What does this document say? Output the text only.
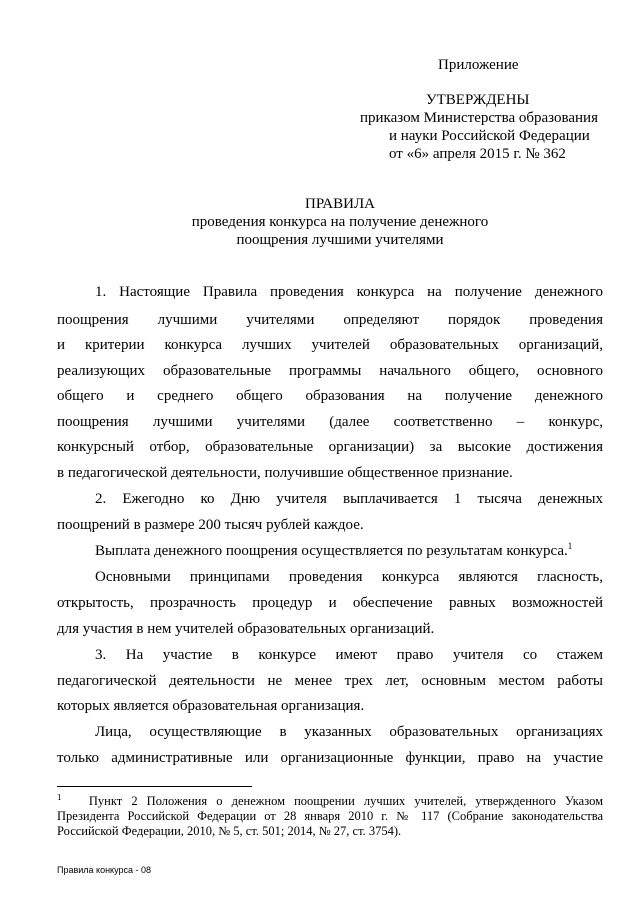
Приложение
УТВЕРЖДЕНЫ
приказом Министерства образования
и науки Российской Федерации
от «6» апреля 2015 г. № 362
ПРАВИЛА
проведения конкурса на получение денежного
поощрения лучшими учителями
1. Настоящие Правила проведения конкурса на получение денежного
поощрения лучшими учителями определяют порядок проведения
и критерии конкурса лучших учителей образовательных организаций,
реализующих образовательные программы начального общего, основного
общего и среднего общего образования на получение денежного
поощрения лучшими учителями (далее соответственно – конкурс,
конкурсный отбор, образовательные организации) за высокие достижения
в педагогической деятельности, получившие общественное признание.
2. Ежегодно ко Дню учителя выплачивается 1 тысяча денежных
поощрений в размере 200 тысяч рублей каждое.
Выплата денежного поощрения осуществляется по результатам конкурса.$^1$
Основными принципами проведения конкурса являются гласность,
открытость, прозрачность процедур и обеспечение равных возможностей
для участия в нем учителей образовательных организаций.
3. На участие в конкурсе имеют право учителя со стажем
педагогической деятельности не менее трех лет, основным местом работы
которых является образовательная организация.
Лица, осуществляющие в указанных образовательных организациях
только административные или организационные функции, право на участие
$^1$ Пункт 2 Положения о денежном поощрении лучших учителей, утвержденного Указом
Президента Российской Федерации от 28 января 2010 г. № 117 (Собрание законодательства
Российской Федерации, 2010, № 5, ст. 501; 2014, № 27, ст. 3754).
Правила конкурса - 08
